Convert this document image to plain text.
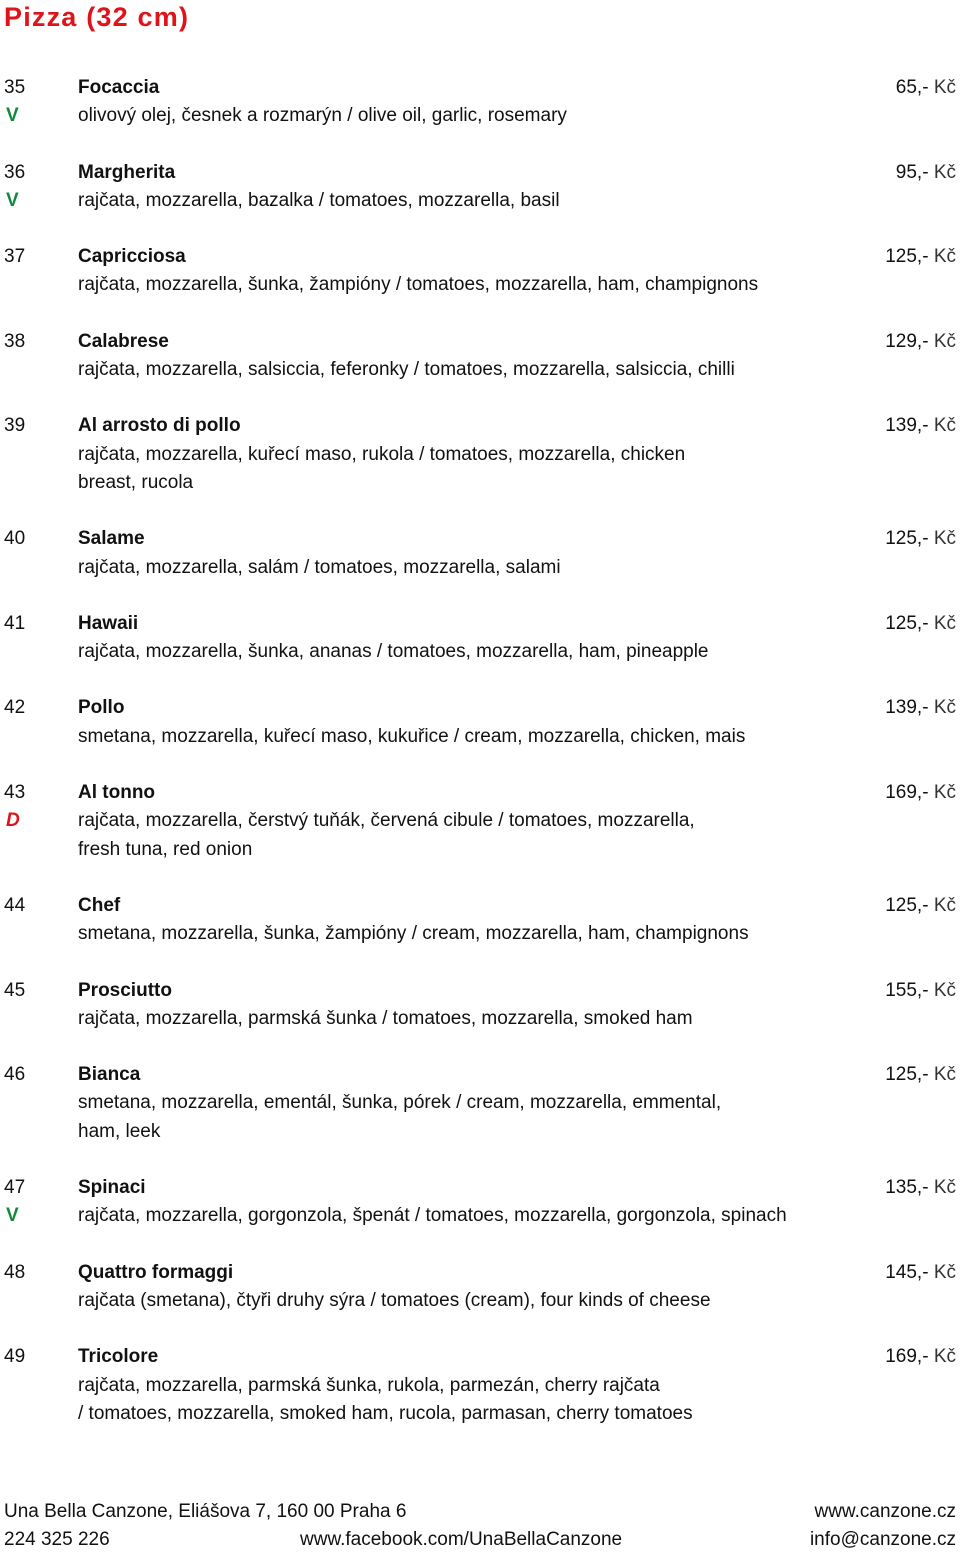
Pizza (32 cm)
35	Focaccia	65,- Kč
V	olivový olej, česnek a rozmarýn / olive oil, garlic, rosemary
36	Margherita	95,- Kč
V	rajčata, mozzarella, bazalka / tomatoes, mozzarella, basil
37	Capricciosa	125,- Kč
rajčata, mozzarella, šunka, žampióny / tomatoes, mozzarella, ham, champignons
38	Calabrese	129,- Kč
rajčata, mozzarella, salsiccia, feferonky / tomatoes, mozzarella, salsiccia, chilli
39	Al arrosto di pollo	139,- Kč
rajčata, mozzarella, kuřecí maso, rukola / tomatoes, mozzarella, chicken
breast, rucola
40	Salame	125,- Kč
rajčata, mozzarella, salám / tomatoes, mozzarella, salami
41	Hawaii	125,- Kč
rajčata, mozzarella, šunka, ananas / tomatoes, mozzarella, ham, pineapple
42	Pollo	139,- Kč
smetana, mozzarella, kuřecí maso, kukuřice / cream, mozzarella, chicken, mais
43	Al tonno	169,- Kč
D	rajčata, mozzarella, čerstvý tuňák, červená cibule / tomatoes, mozzarella,
fresh tuna, red onion
44	Chef	125,- Kč
smetana, mozzarella, šunka, žampióny / cream, mozzarella, ham, champignons
45	Prosciutto	155,- Kč
rajčata, mozzarella, parmská šunka / tomatoes, mozzarella, smoked ham
46	Bianca	125,- Kč
smetana, mozzarella, ementál, šunka, pórek / cream, mozzarella, emmental,
ham, leek
47	Spinaci	135,- Kč
V	rajčata, mozzarella, gorgonzola, špenát / tomatoes, mozzarella, gorgonzola, spinach
48	Quattro formaggi	145,- Kč
rajčata (smetana), čtyři druhy sýra / tomatoes (cream), four kinds of cheese
49	Tricolore	169,- Kč
rajčata, mozzarella, parmská šunka, rukola, parmezán, cherry rajčata
/ tomatoes, mozzarella, smoked ham, rucola, parmasan, cherry tomatoes
Una Bella Canzone, Eliášova 7, 160 00 Praha 6	www.canzone.cz
224 325 226	www.facebook.com/UnaBellaCanzone	info@canzone.cz
